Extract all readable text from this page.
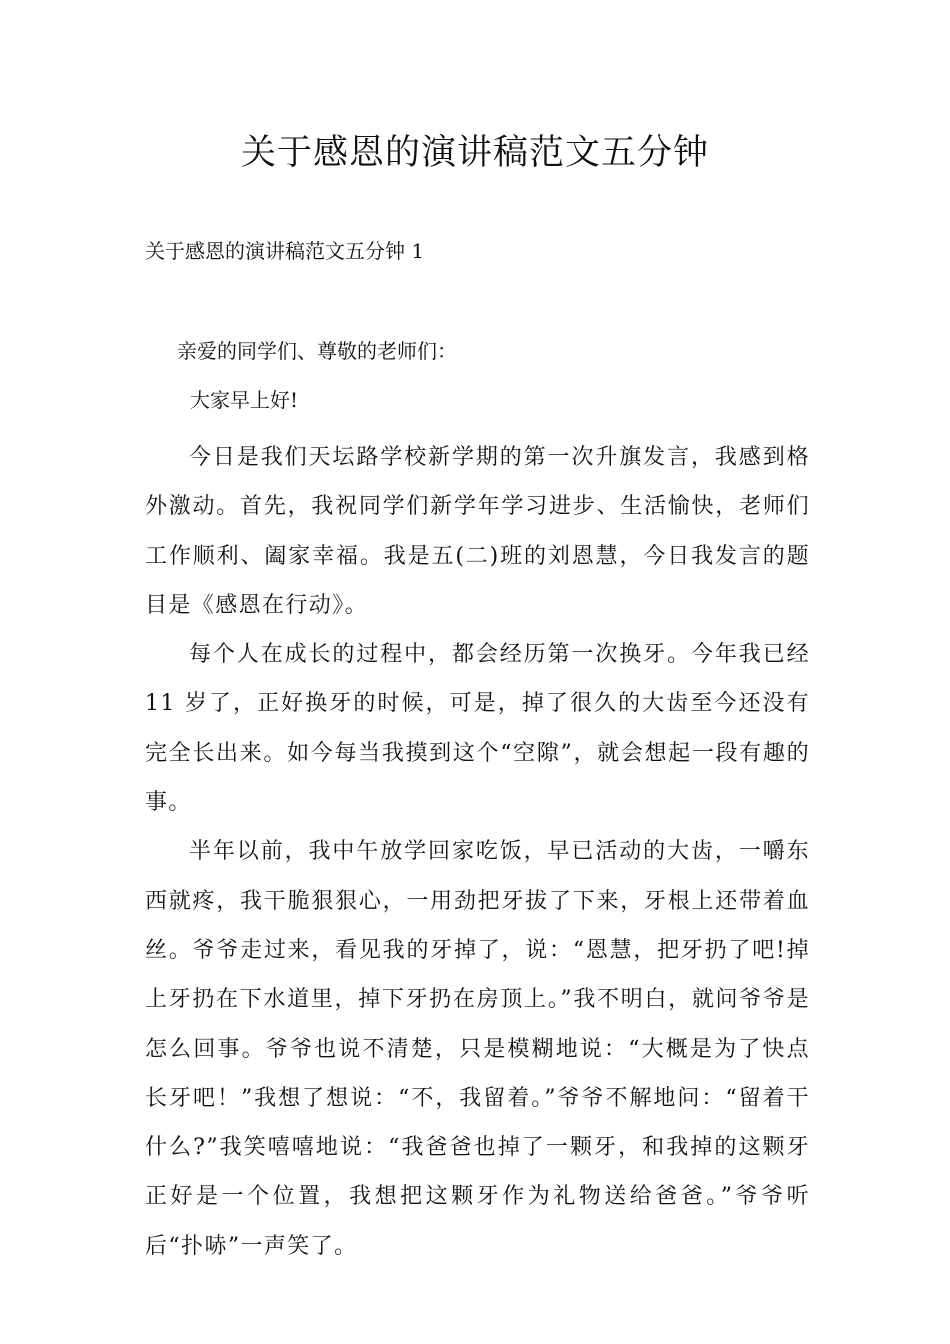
关于感恩的演讲稿范文五分钟
关于感恩的演讲稿范文五分钟 1

亲爱的同学们、尊敬的老师们：

大家早上好!

今日是我们天坛路学校新学期的第一次升旗发言，我感到格外激动。首先，我祝同学们新学年学习进步、生活愉快，老师们工作顺利、阖家幸福。我是五(二)班的刘恩慧，今日我发言的题目是《感恩在行动》。

每个人在成长的过程中，都会经历第一次换牙。今年我已经 11 岁了，正好换牙的时候，可是，掉了很久的大齿至今还没有完全长出来。如今每当我摸到这个“空隙”，就会想起一段有趣的事。

半年以前，我中午放学回家吃饭，早已活动的大齿，一嚼东西就疼，我干脆狠狠心，一用劲把牙拔了下来，牙根上还带着血丝。爷爷走过来，看见我的牙掉了，说：“恩慧，把牙扔了吧!掉上牙扔在下水道里，掉下牙扔在房顶上。”我不明白，就问爷爷是怎么回事。爷爷也说不清楚，只是模糊地说：“大概是为了快点长牙吧！”我想了想说：“不，我留着。”爷爷不解地问：“留着干什么?”我笑嘻嘻地说：“我爸爸也掉了一颗牙，和我掉的这颗牙正好是一个位置，我想把这颗牙作为礼物送给爸爸。”爷爷听后“扑哧”一声笑了。
